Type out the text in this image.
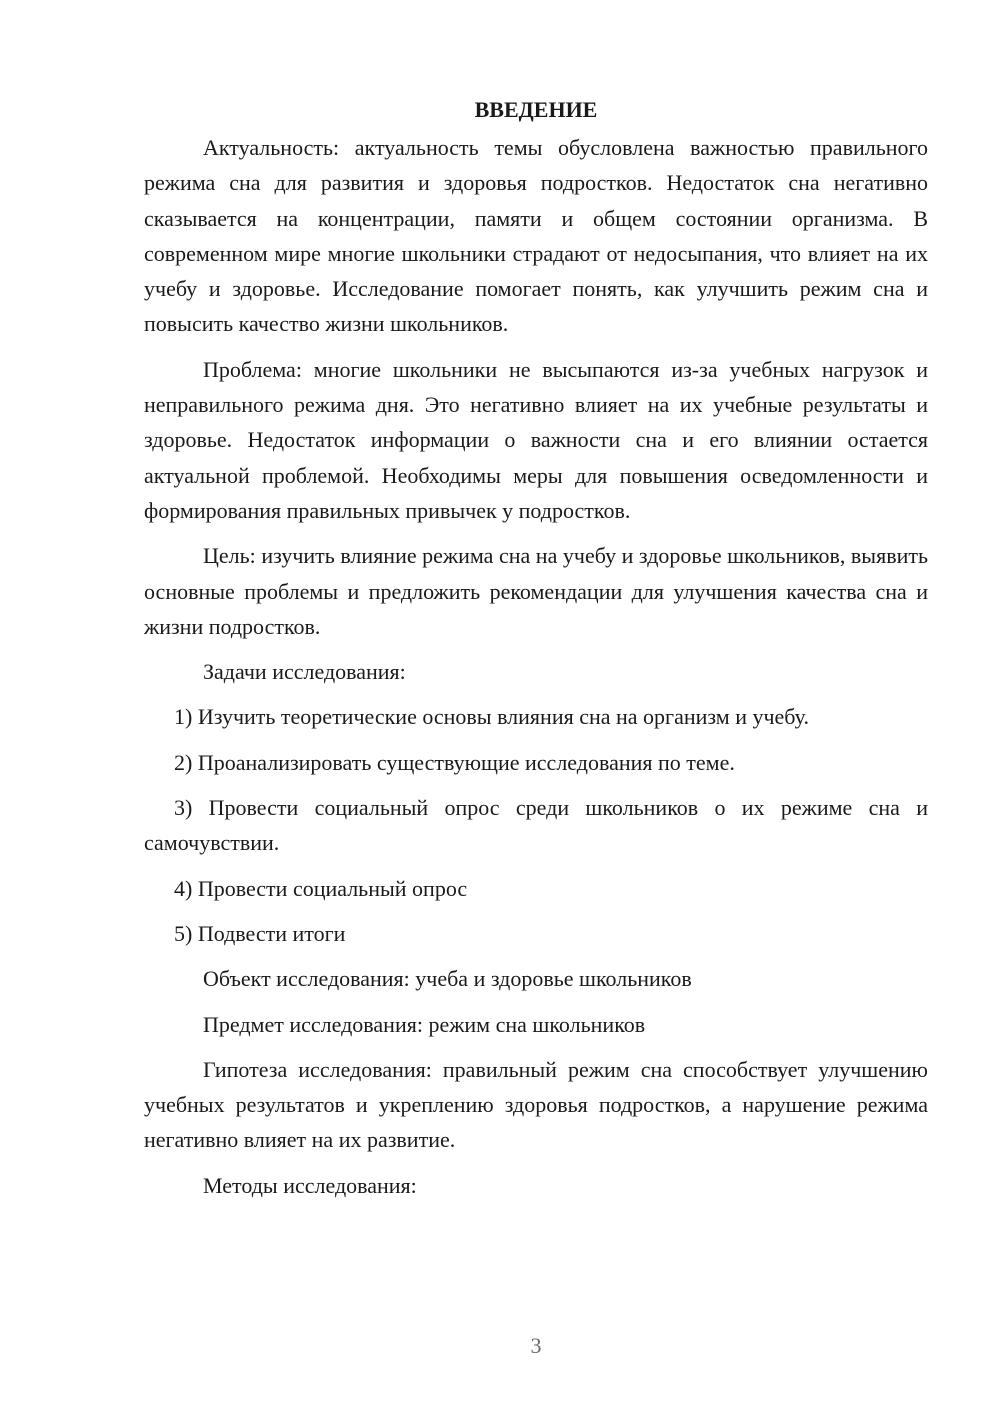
ВВЕДЕНИЕ

Актуальность: актуальность темы обусловлена важностью правильного режима сна для развития и здоровья подростков. Недостаток сна негативно сказывается на концентрации, памяти и общем состоянии организма. В современном мире многие школьники страдают от недосыпания, что влияет на их учебу и здоровье. Исследование помогает понять, как улучшить режим сна и повысить качество жизни школьников.

Проблема: многие школьники не высыпаются из-за учебных нагрузок и неправильного режима дня. Это негативно влияет на их учебные результаты и здоровье. Недостаток информации о важности сна и его влиянии остается актуальной проблемой. Необходимы меры для повышения осведомленности и формирования правильных привычек у подростков.

Цель: изучить влияние режима сна на учебу и здоровье школьников, выявить основные проблемы и предложить рекомендации для улучшения качества сна и жизни подростков.

Задачи исследования:

1) Изучить теоретические основы влияния сна на организм и учебу.

2) Проанализировать существующие исследования по теме.

3) Провести социальный опрос среди школьников о их режиме сна и самочувствии.

4) Провести социальный опрос

5) Подвести итоги

Объект исследования: учеба и здоровье школьников

Предмет исследования: режим сна школьников

Гипотеза исследования: правильный режим сна способствует улучшению учебных результатов и укреплению здоровья подростков, а нарушение режима негативно влияет на их развитие.

Методы исследования:

3
